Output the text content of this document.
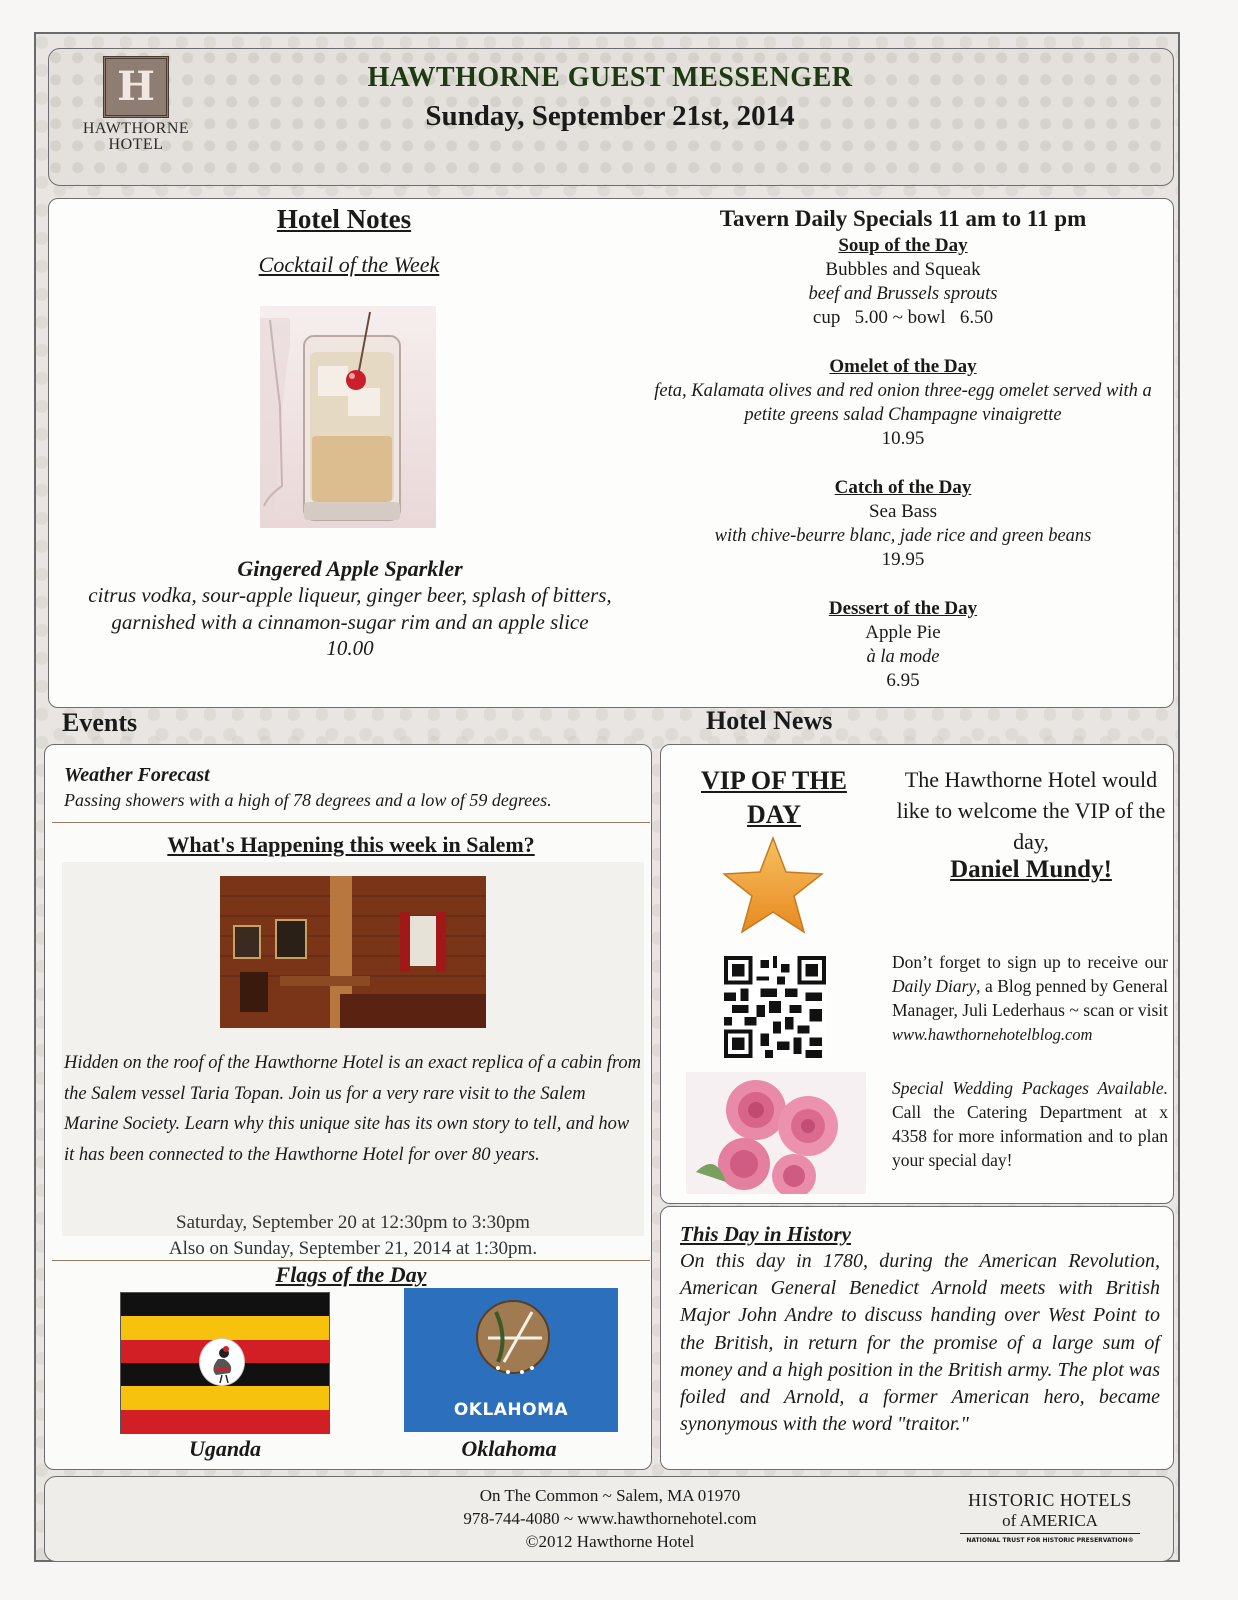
H
HAWTHORNE HOTEL
HAWTHORNE GUEST MESSENGER
Sunday, September 21st, 2014
Hotel Notes
Cocktail of the Week
Gingered Apple Sparkler
citrus vodka, sour-apple liqueur, ginger beer, splash of bitters, garnished with a cinnamon-sugar rim and an apple slice
10.00
Tavern Daily Specials 11 am to 11 pm
Soup of the Day
Bubbles and Squeak
beef and Brussels sprouts
cup   5.00 ~ bowl   6.50
Omelet of the Day
feta, Kalamata olives and red onion three-egg omelet served with a petite greens salad Champagne vinaigrette
10.95
Catch of the Day
Sea Bass
with chive-beurre blanc, jade rice and green beans
19.95
Dessert of the Day
Apple Pie
à la mode
6.95
Events	Hotel News
Weather Forecast
Passing showers with a high of 78 degrees and a low of 59 degrees.
What's Happening this week in Salem?
Hidden on the roof of the Hawthorne Hotel is an exact replica of a cabin from the Salem vessel Taria Topan. Join us for a very rare visit to the Salem Marine Society. Learn why this unique site has its own story to tell, and how it has been connected to the Hawthorne Hotel for over 80 years.
Saturday, September 20 at 12:30pm to 3:30pm
Also on Sunday, September 21, 2014 at 1:30pm.
Flags of the Day
Uganda
OKLAHOMA
Oklahoma
VIP OF THE DAY
The Hawthorne Hotel would like to welcome the VIP of the day,
Daniel Mundy!
Don’t forget to sign up to receive our Daily Diary, a Blog penned by General Manager, Juli Lederhaus ~ scan or visit www.hawthornehotelblog.com
Special Wedding Packages Available. Call the Catering Department at x 4358 for more information and to plan your special day!
This Day in History
On this day in 1780, during the American Revolution, American General Benedict Arnold meets with British Major John Andre to discuss handing over West Point to the British, in return for the promise of a large sum of money and a high position in the British army. The plot was foiled and Arnold, a former American hero, became synonymous with the word "traitor."
On The Common ~ Salem, MA 01970
978-744-4080 ~ www.hawthornehotel.com
©2012 Hawthorne Hotel
HISTORIC HOTELS
of AMERICA
NATIONAL TRUST FOR HISTORIC PRESERVATION®
